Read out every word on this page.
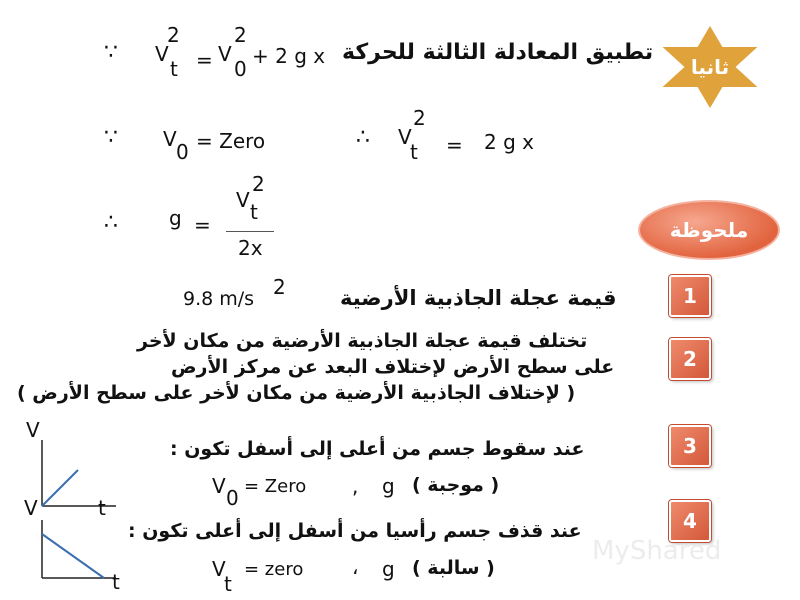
ثانيا
ملحوظة
1
2
3
4
∵ V
2
t = V
2
0
+ 2 g x تطبيق المعادلة الثالثة للحركة
∵ V
0 = Zero	∴ V
2
t = 2 g x
∴	g =
V
2
t
2x
9.8 m/s 2	قيمة عجلة الجاذبية الأرضية
تختلف قيمة عجلة الجاذبية الأرضية من مكان لأخر
على سطح الأرض لإختلاف البعد عن مركز الأرض
( لإختلاف الجاذبية الأرضية من مكان لأخر على سطح الأرض )
عند سقوط جسم من أعلى إلى أسفل تكون :
V 0 = Zero , g ( موجبة )
عند قذف جسم رأسيا من أسفل إلى أعلى تكون :
V
t
= zero ، g ( سالبة )
V
t
V
t
MyShared
